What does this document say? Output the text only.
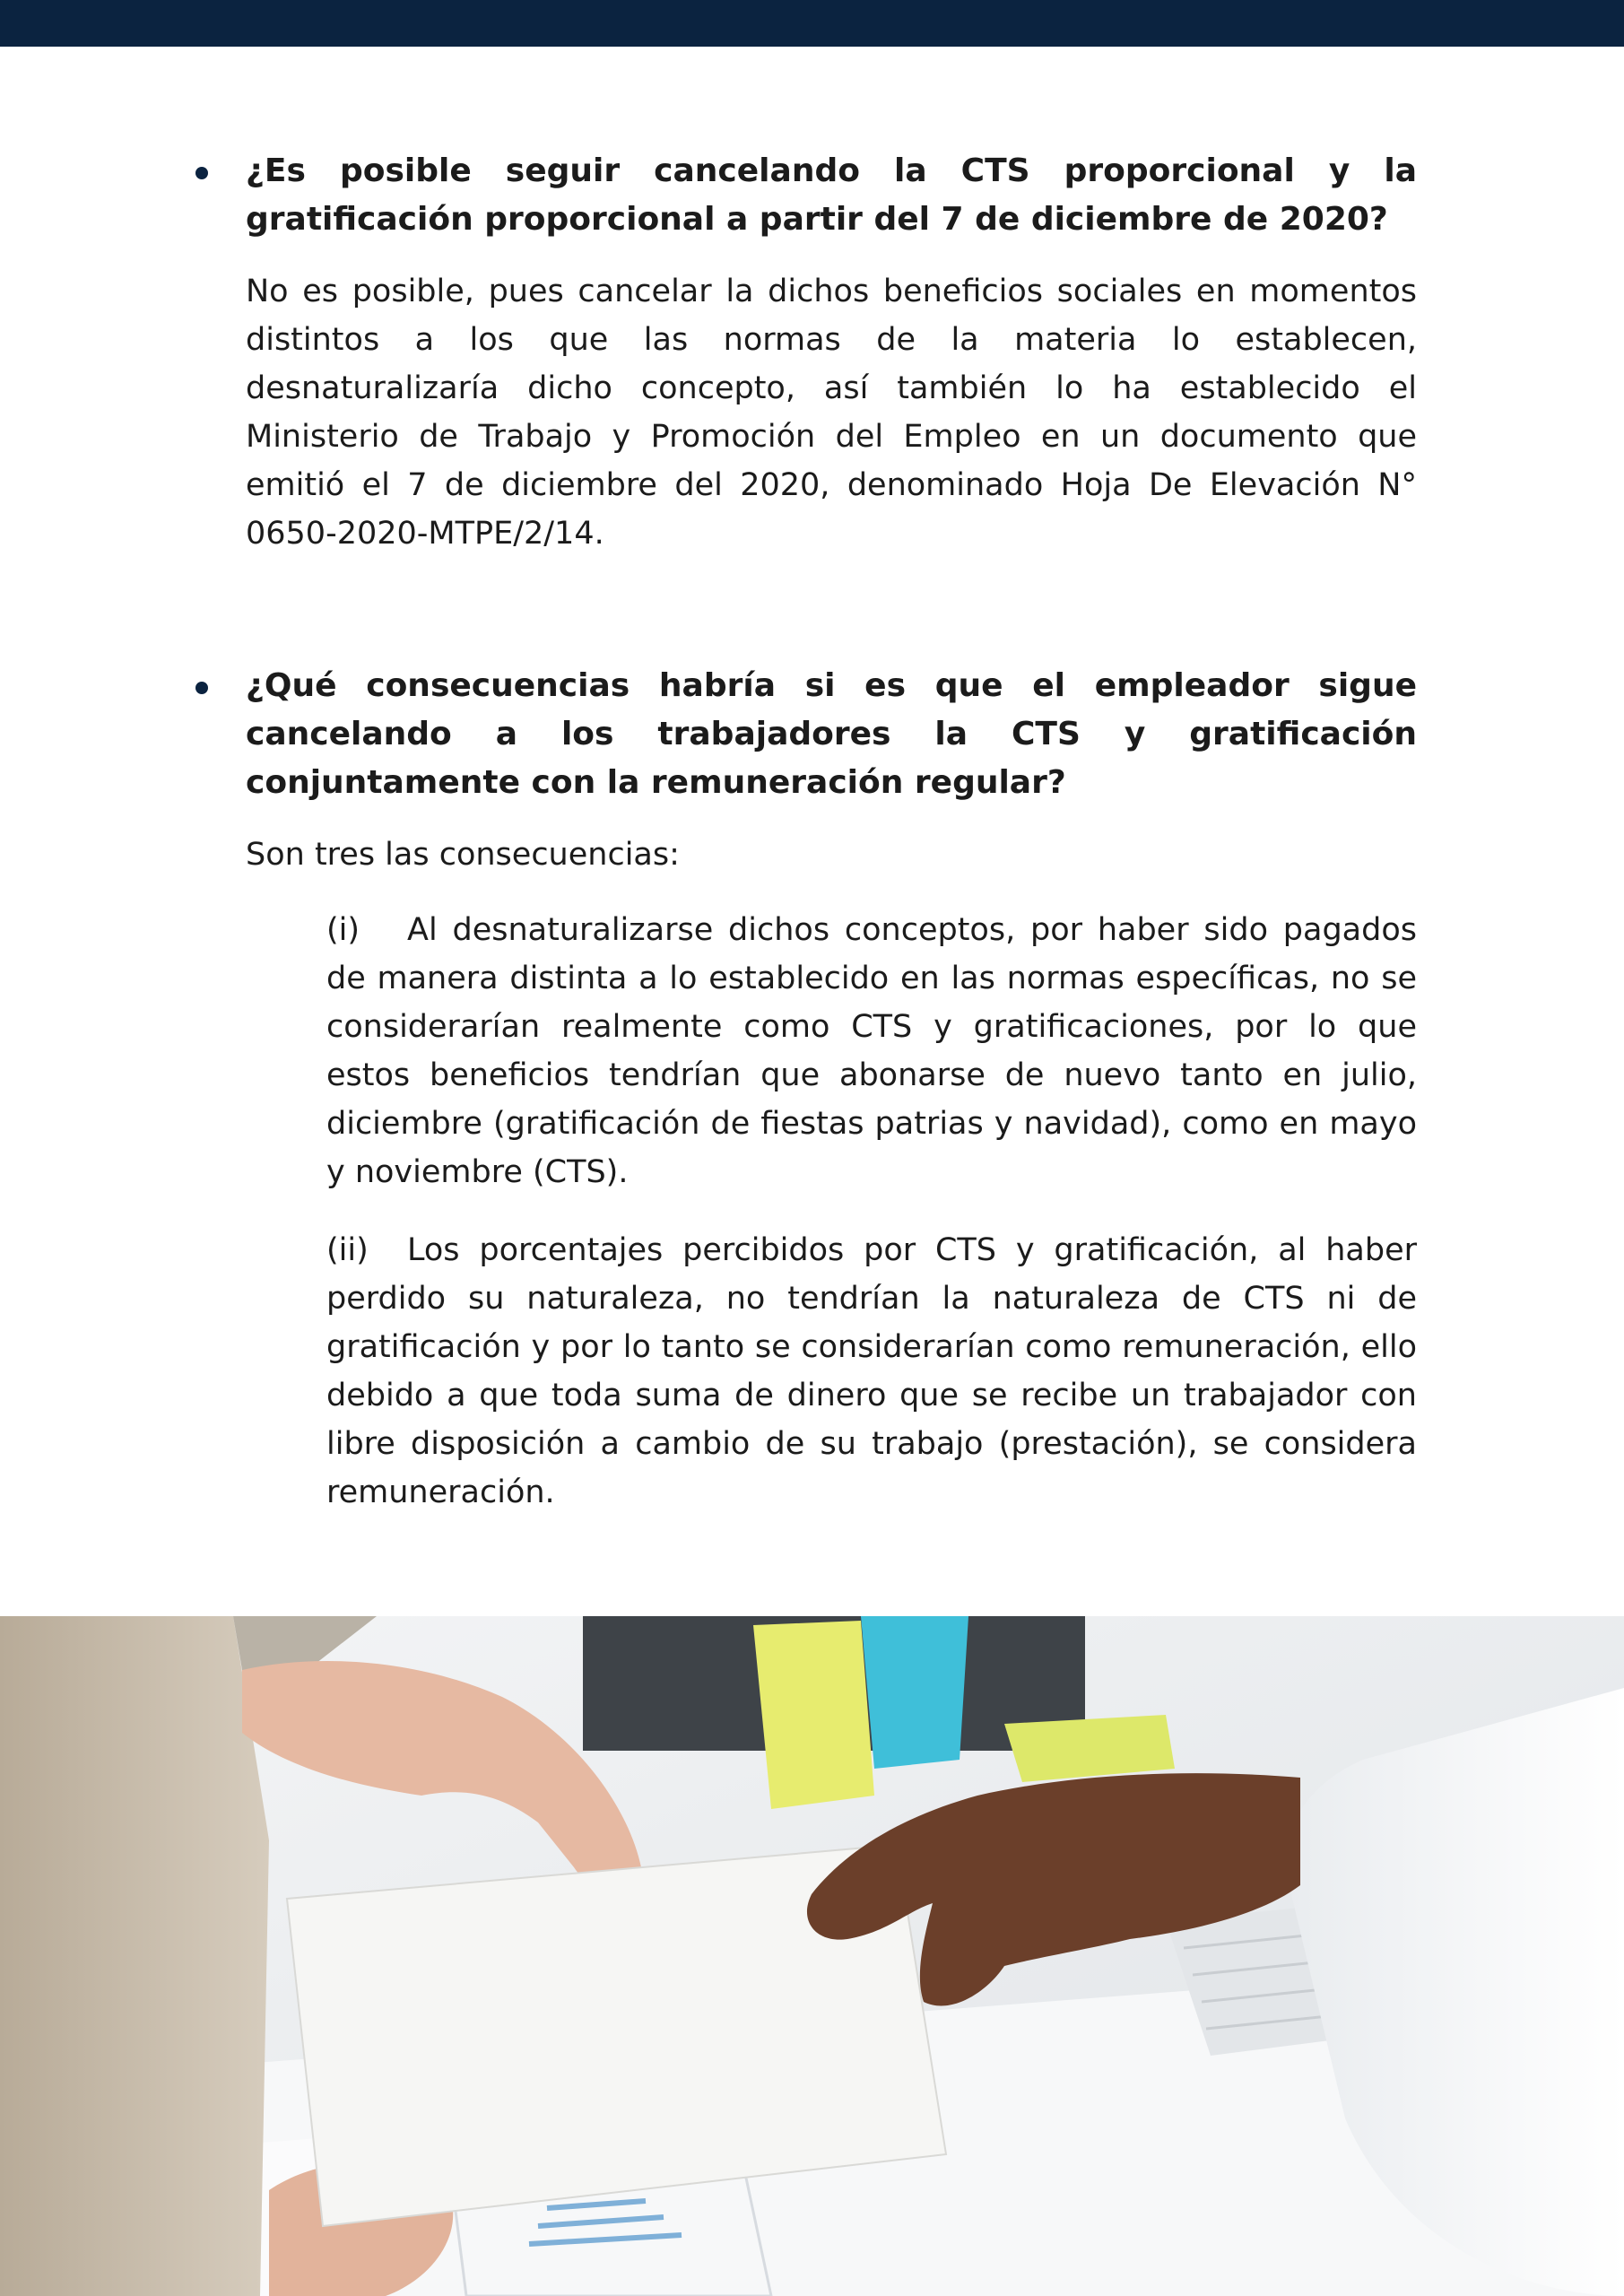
¿Es posible seguir cancelando la CTS proporcional y la gratificación proporcional a partir del 7 de diciembre de 2020?

No es posible, pues cancelar la dichos beneficios sociales en momentos distintos a los que las normas de la materia lo establecen, desnaturalizaría dicho concepto, así también lo ha establecido el Ministerio de Trabajo y Promoción del Empleo en un documento que emitió el 7 de diciembre del 2020, denominado Hoja De Elevación N° 0650-2020-MTPE/2/14.

¿Qué consecuencias habría si es que el empleador sigue cancelando a los trabajadores la CTS y gratificación conjuntamente con la remuneración regular?

Son tres las consecuencias:

(i) Al desnaturalizarse dichos conceptos, por haber sido pagados de manera distinta a lo establecido en las normas específicas, no se considerarían realmente como CTS y gratificaciones, por lo que estos beneficios tendrían que abonarse de nuevo tanto en julio, diciembre (gratificación de fiestas patrias y navidad), como en mayo y noviembre (CTS).

(ii) Los porcentajes percibidos por CTS y gratificación, al haber perdido su naturaleza, no tendrían la naturaleza de CTS ni de gratificación y por lo tanto se considerarían como remuneración, ello debido a que toda suma de dinero que se recibe un trabajador con libre disposición a cambio de su trabajo (prestación), se considera remuneración.
